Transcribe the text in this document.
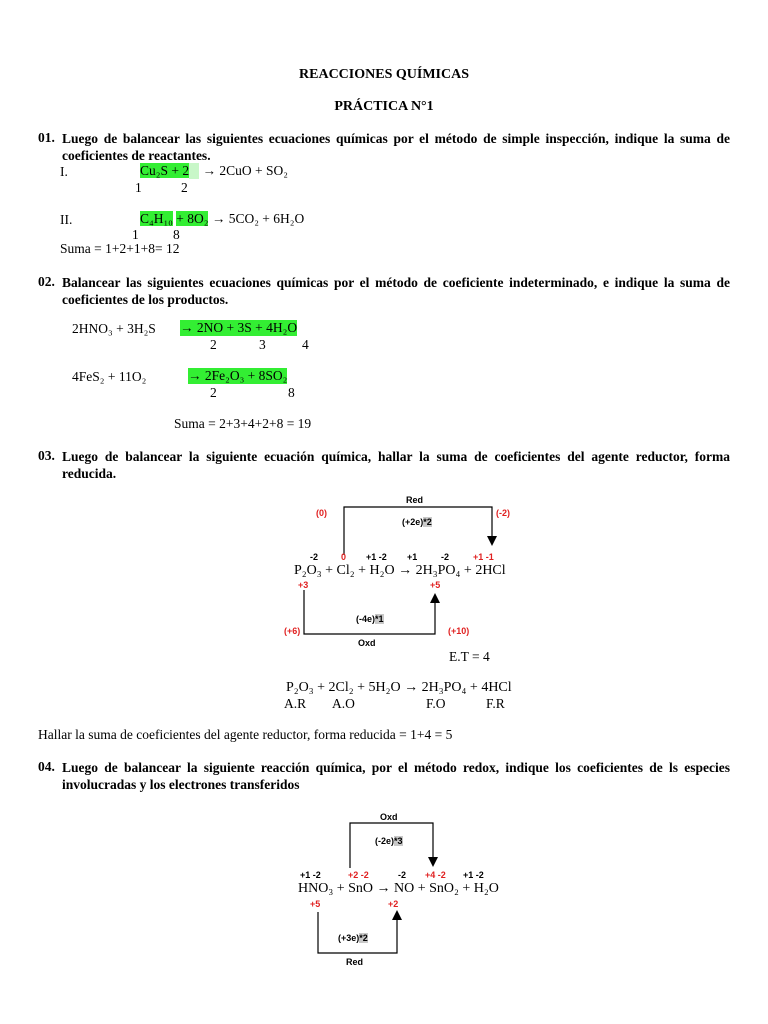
REACCIONES QUÍMICAS
PRÁCTICA N°1
01. Luego de balancear las siguientes ecuaciones químicas por el método de simple inspección, indique la suma de coeficientes de reactantes.
I.	Cu₂S + 2 → 2CuO + SO₂
1	2
II.	C₄H₁₀ + 8O₂ → 5CO₂ + 6H₂O
1	8
Suma = 1+2+1+8= 12
02. Balancear las siguientes ecuaciones químicas por el método de coeficiente indeterminado, e indique la suma de coeficientes de los productos.
2HNO₃ + 3H₂S → 2NO + 3S + 4H₂O
2	3	4
4FeS₂ + 11O₂	→ 2Fe₂O₃ + 8SO₂
2	8
Suma = 2+3+4+2+8 = 19
03. Luego de balancear la siguiente ecuación química, hallar la suma de coeficientes del agente reductor, forma reducida.
Red
(0)	(-2)
(+2e)*2
-2	0 +1 -2 +1	-2	+1 -1
P₂O₃ + Cl₂ + H₂O → 2H₃PO₄ + 2HCl
+3	+5
(-4e)*1
(+6)	(+10)
Oxd
E.T = 4
P₂O₃ + 2Cl₂ + 5H₂O → 2H₃PO₄ + 4HCl
A.R A.O	F.O	F.R
Hallar la suma de coeficientes del agente reductor, forma reducida = 1+4 = 5
04. Luego de balancear la siguiente reacción química, por el método redox, indique los coeficientes de ls especies involucradas y los electrones transferidos
Oxd
(-2e)*3
+1 -2	+2 -2	-2 +4 -2 +1 -2
HNO₃ + SnO → NO + SnO₂ + H₂O
+5	+2
(+3e)*2
Red
